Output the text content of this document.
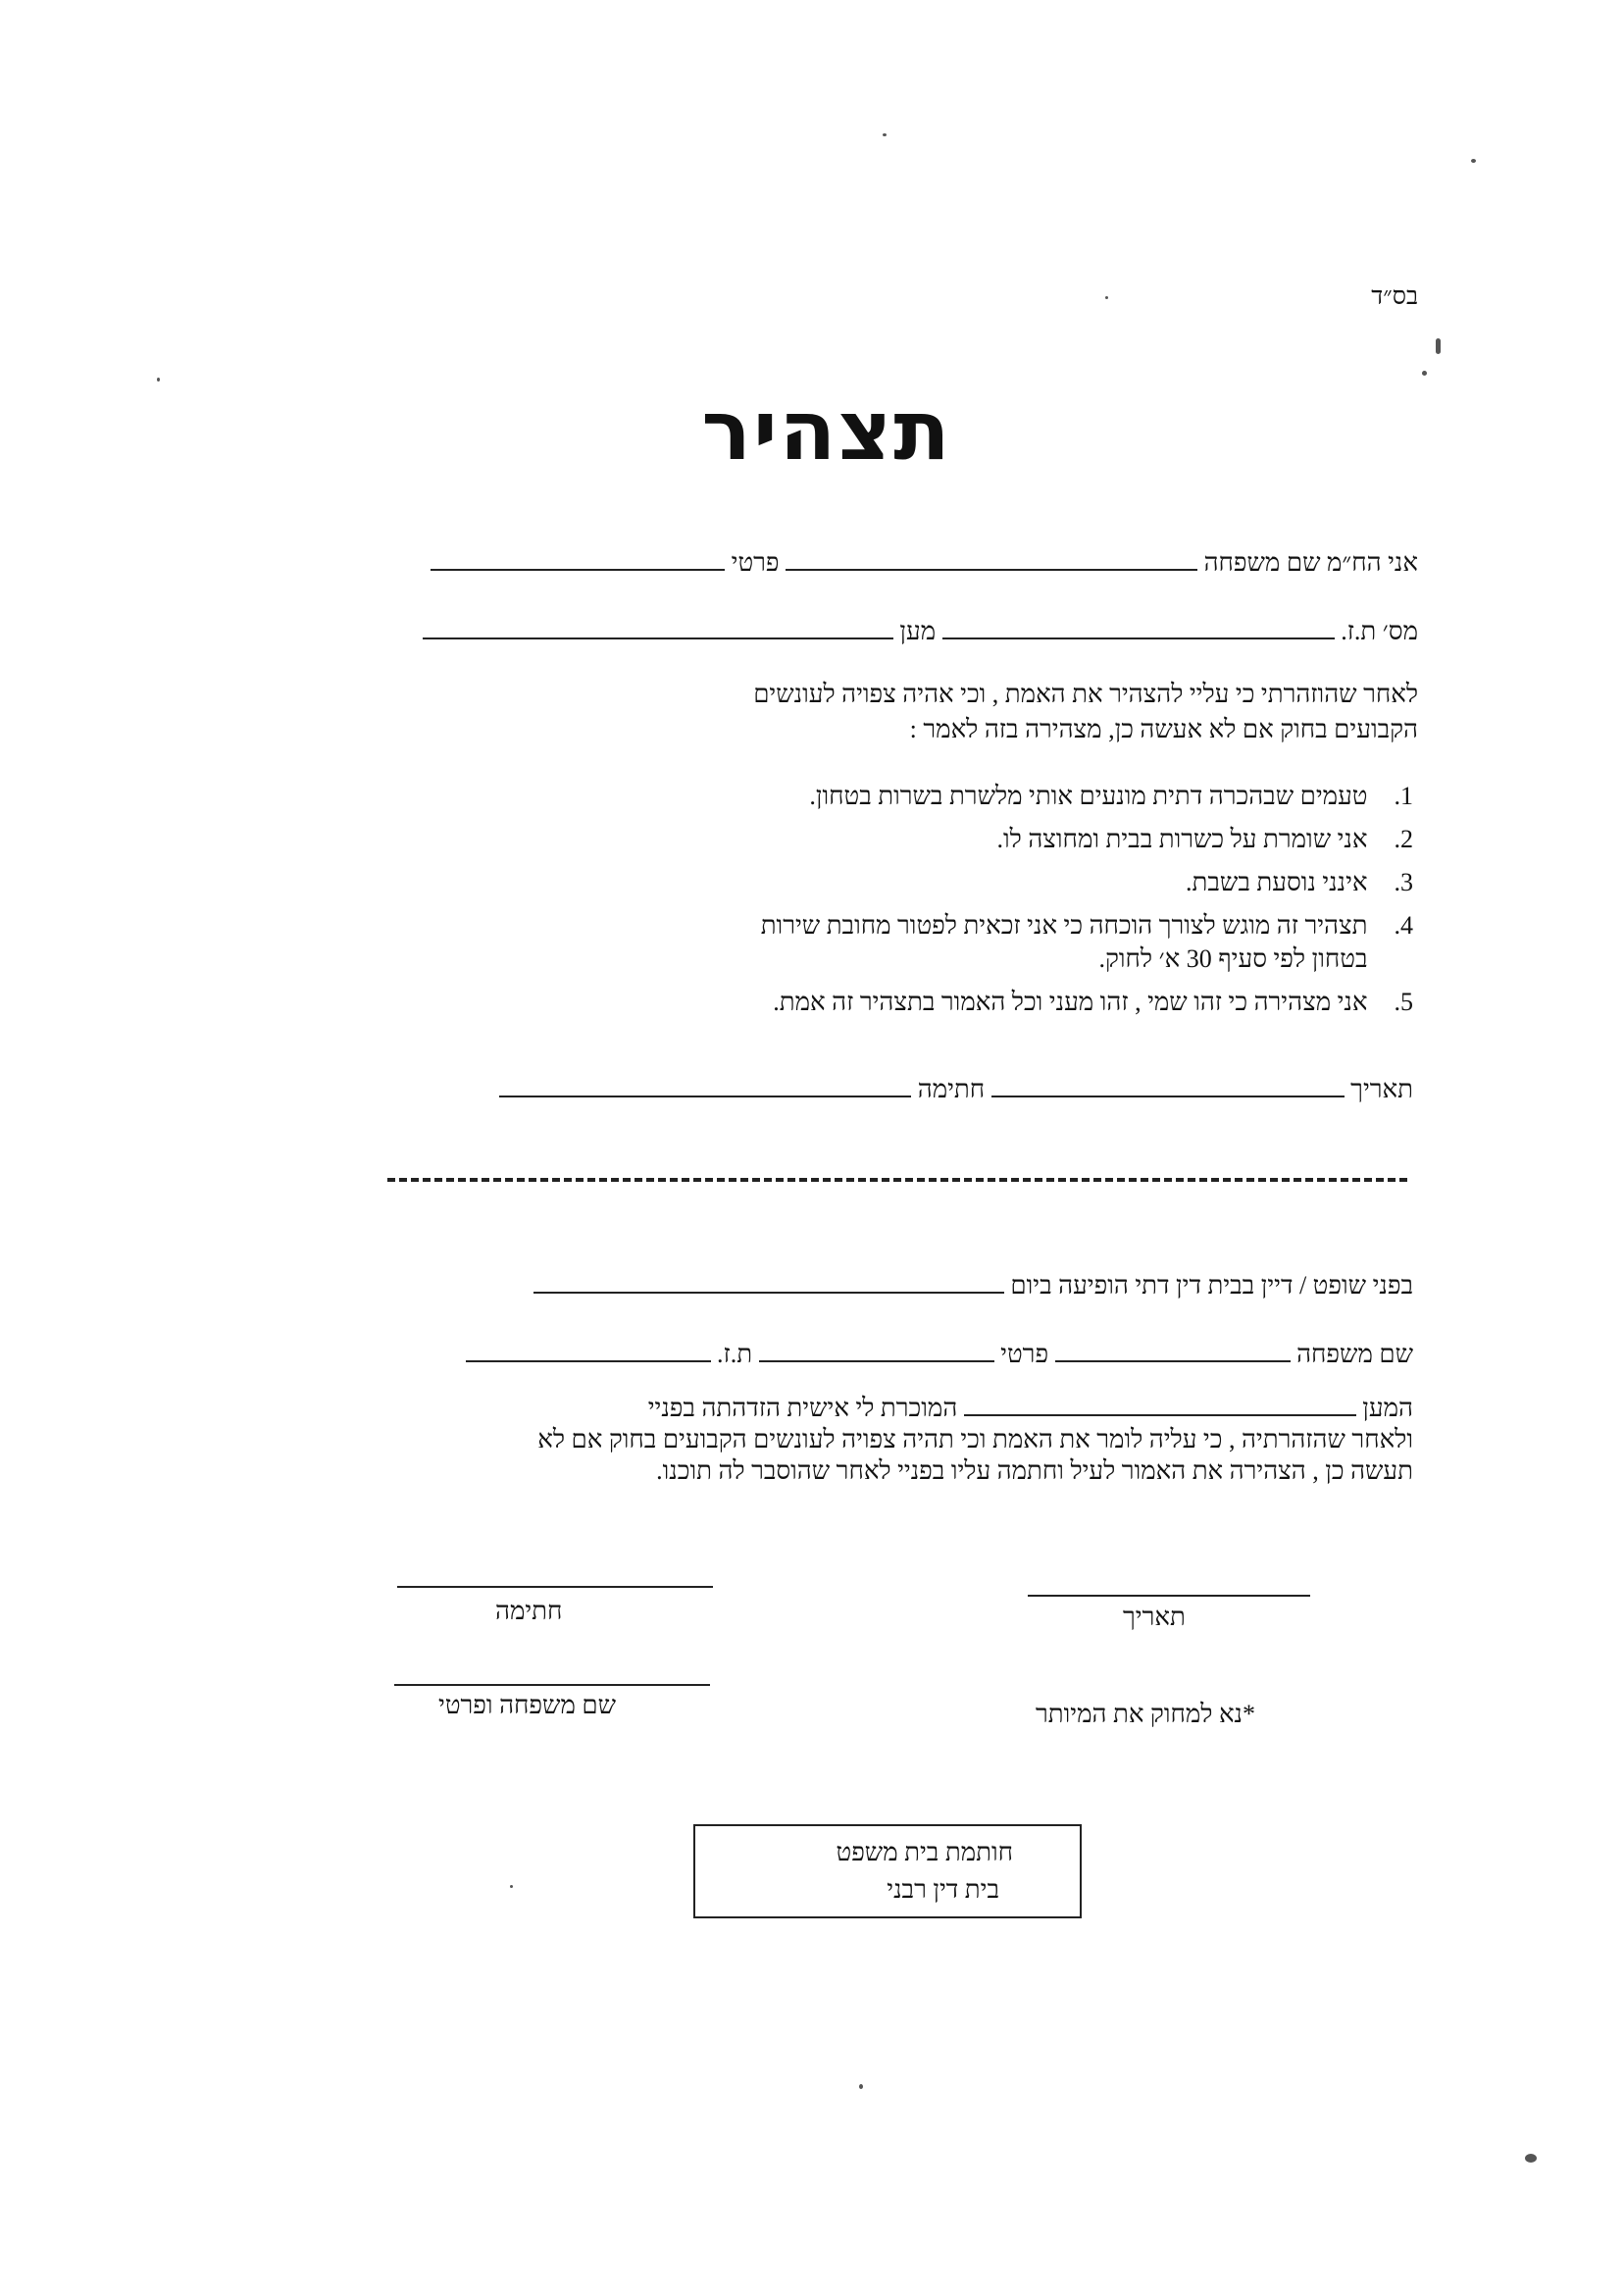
בס״ד
תצהיר
אני הח״מ שם משפחה  פרטי
מס׳ ת.ז.  מען
לאחר שהוזהרתי כי עליי להצהיר את האמת , וכי אהיה צפויה לעונשים
הקבועים בחוק אם לא אעשה כן, מצהירה בזה לאמר :
1. טעמים שבהכרה דתית מונעים אותי מלשרת בשרות בטחון.
2. אני שומרת על כשרות בבית ומחוצה לו.
3. אינני נוסעת בשבת.
4. תצהיר זה מוגש לצורך הוכחה כי אני זכאית לפטור מחובת שירות
בטחון לפי סעיף 30 א׳ לחוק.
5. אני מצהירה כי זהו שמי , זהו מעני וכל האמור בתצהיר זה אמת.
תאריך  חתימה
בפני שופט / דיין בבית דין דתי הופיעה ביום
שם משפחה  פרטי  ת.ז.
המען  המוכרת לי אישית הזדהתה בפניי
ולאחר שהזהרתיה , כי עליה לומר את האמת וכי תהיה צפויה לעונשים הקבועים בחוק אם לא
תעשה כן , הצהירה את האמור לעיל וחתמה עליו בפניי לאחר שהוסבר לה תוכנו.
חתימה	תאריך
שם משפחה ופרטי	*נא למחוק את המיותר
חותמת בית משפט
בית דין רבני
